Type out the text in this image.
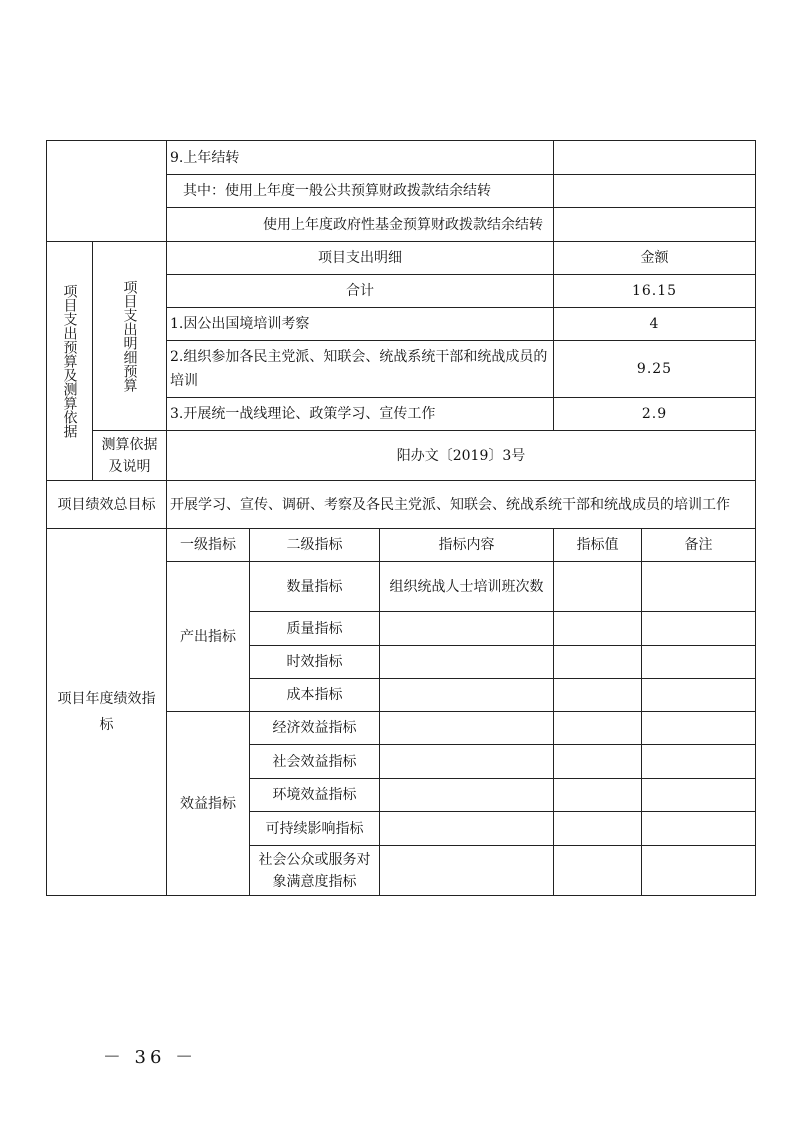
		9.上年结转				
		其中：使用上年度一般公共预算财政拨款结余结转				
		使用上年度政府性基金预算财政拨款结余结转				

项目支出预算及测算依据	项目支出明细预算	项目支出明细			金额	
		合计			16.15	
		1.因公出国境培训考察			4	
		2.组织参加各民主党派、知联会、统战系统干部和统战成员的培训			9.25	
		3.开展统一战线理论、政策学习、宣传工作			2.9	
	测算依据及说明	阳办文〔2019〕3号				
项目绩效总目标		开展学习、宣传、调研、考察及各民主党派、知联会、统战系统干部和统战成员的培训工作				
项目年度绩效指标		一级指标	二级指标	指标内容	指标值	备注
		产出指标	数量指标	组织统战人士培训班次数		
			质量指标			
			时效指标			
			成本指标			
		效益指标	经济效益指标			
			社会效益指标			
			环境效益指标			
			可持续影响指标			
			社会公众或服务对象满意度指标			
－ 36 －
